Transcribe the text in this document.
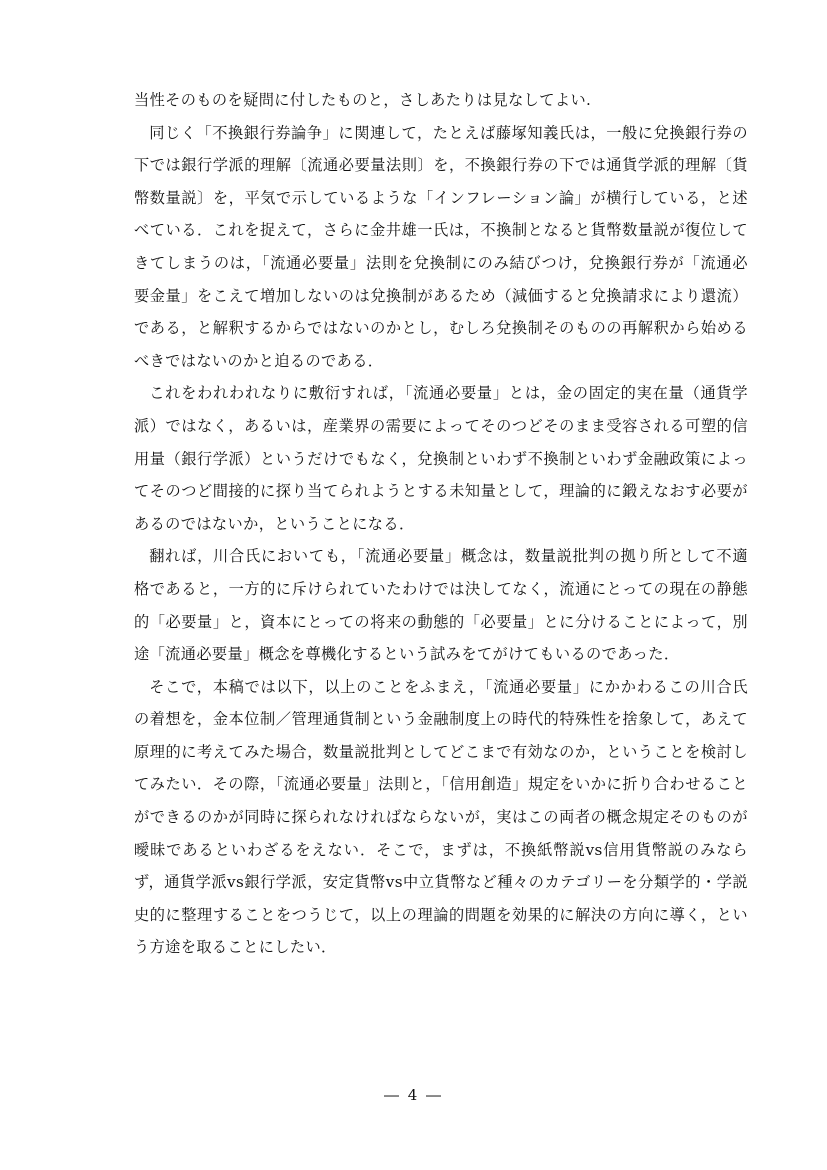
当性そのものを疑問に付したものと，さしあたりは見なしてよい.

同じく「不換銀行券論争」に関連して，たとえば藤塚知義氏は，一般に兌換銀行券の下では銀行学派的理解〔流通必要量法則〕を，不換銀行券の下では通貨学派的理解〔貨幣数量説〕を，平気で示しているような「インフレーション論」が横行している，と述べている．これを捉えて，さらに金井雄一氏は，不換制となると貨幣数量説が復位してきてしまうのは，「流通必要量」法則を兌換制にのみ結びつけ，兌換銀行券が「流通必要金量」をこえて増加しないのは兌換制があるため（減価すると兌換請求により還流）である，と解釈するからではないのかとし，むしろ兌換制そのものの再解釈から始めるべきではないのかと迫るのである．

これをわれわれなりに敷衍すれば，「流通必要量」とは，金の固定的実在量（通貨学派）ではなく，あるいは，産業界の需要によってそのつどそのまま受容される可塑的信用量（銀行学派）というだけでもなく，兌換制といわず不換制といわず金融政策によってそのつど間接的に探り当てられようとする未知量として，理論的に鍛えなおす必要があるのではないか，ということになる．

翻れば，川合氏においても，「流通必要量」概念は，数量説批判の拠り所として不適格であると，一方的に斥けられていたわけでは決してなく，流通にとっての現在の静態的「必要量」と，資本にとっての将来の動態的「必要量」とに分けることによって，別途「流通必要量」概念を尊機化するという試みをてがけてもいるのであった．

そこで，本稿では以下，以上のことをふまえ，「流通必要量」にかかわるこの川合氏の着想を，金本位制／管理通貨制という金融制度上の時代的特殊性を捨象して，あえて原理的に考えてみた場合，数量説批判としてどこまで有効なのか，ということを検討してみたい．その際，「流通必要量」法則と，「信用創造」規定をいかに折り合わせることができるのかが同時に探られなければならないが，実はこの両者の概念規定そのものが曖昧であるといわざるをえない．そこで，まずは，不換紙幣説vs信用貨幣説のみならず，通貨学派vs銀行学派，安定貨幣vs中立貨幣など種々のカテゴリーを分類学的・学説史的に整理することをつうじて，以上の理論的問題を効果的に解決の方向に導く，という方途を取ることにしたい．

― 4 ―
